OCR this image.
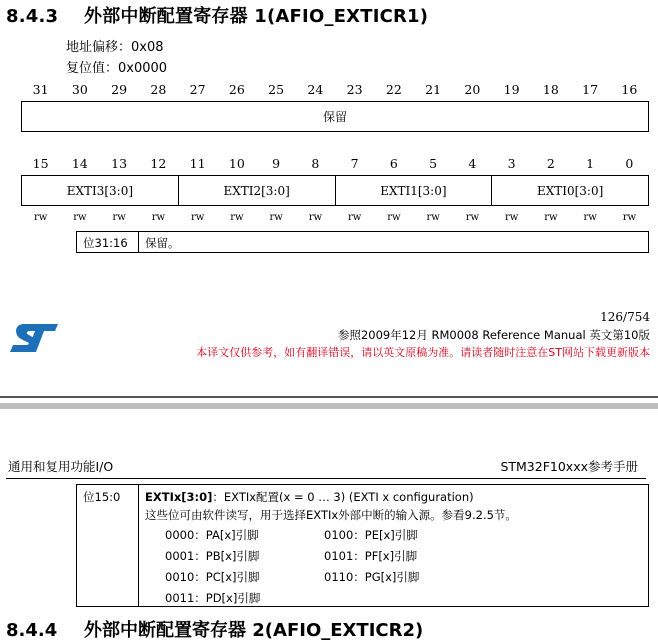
8.4.3 外部中断配置寄存器 1(AFIO_EXTICR1)
地址偏移：0x08
复位值：0x0000
31	30	29	28	27	26	25	24	23	22	21	20	19	18	17	16
保留
15	14	13	12	11	10	9	8	7	6	5	4	3	2	1	0
EXTI3[3:0]	EXTI2[3:0]	EXTI1[3:0]	EXTI0[3:0]
rw	rw	rw	rw	rw	rw	rw	rw	rw	rw	rw	rw	rw	rw	rw	rw
位31:16	保留。
126/754
参照2009年12月 RM0008 Reference Manual 英文第10版
本译文仅供参考，如有翻译错误，请以英文原稿为准。请读者随时注意在ST网站下载更新版本
通用和复用功能I/O	STM32F10xxx参考手册
位15:0	EXTIx[3:0]：EXTIx配置(x = 0 … 3) (EXTI x configuration)
这些位可由软件读写，用于选择EXTIx外部中断的输入源。参看9.2.5节。
0000：PA[x]引脚
0001：PB[x]引脚
0010：PC[x]引脚
0011：PD[x]引脚
0100：PE[x]引脚
0101：PF[x]引脚
0110：PG[x]引脚
8.4.4 外部中断配置寄存器 2(AFIO_EXTICR2)
